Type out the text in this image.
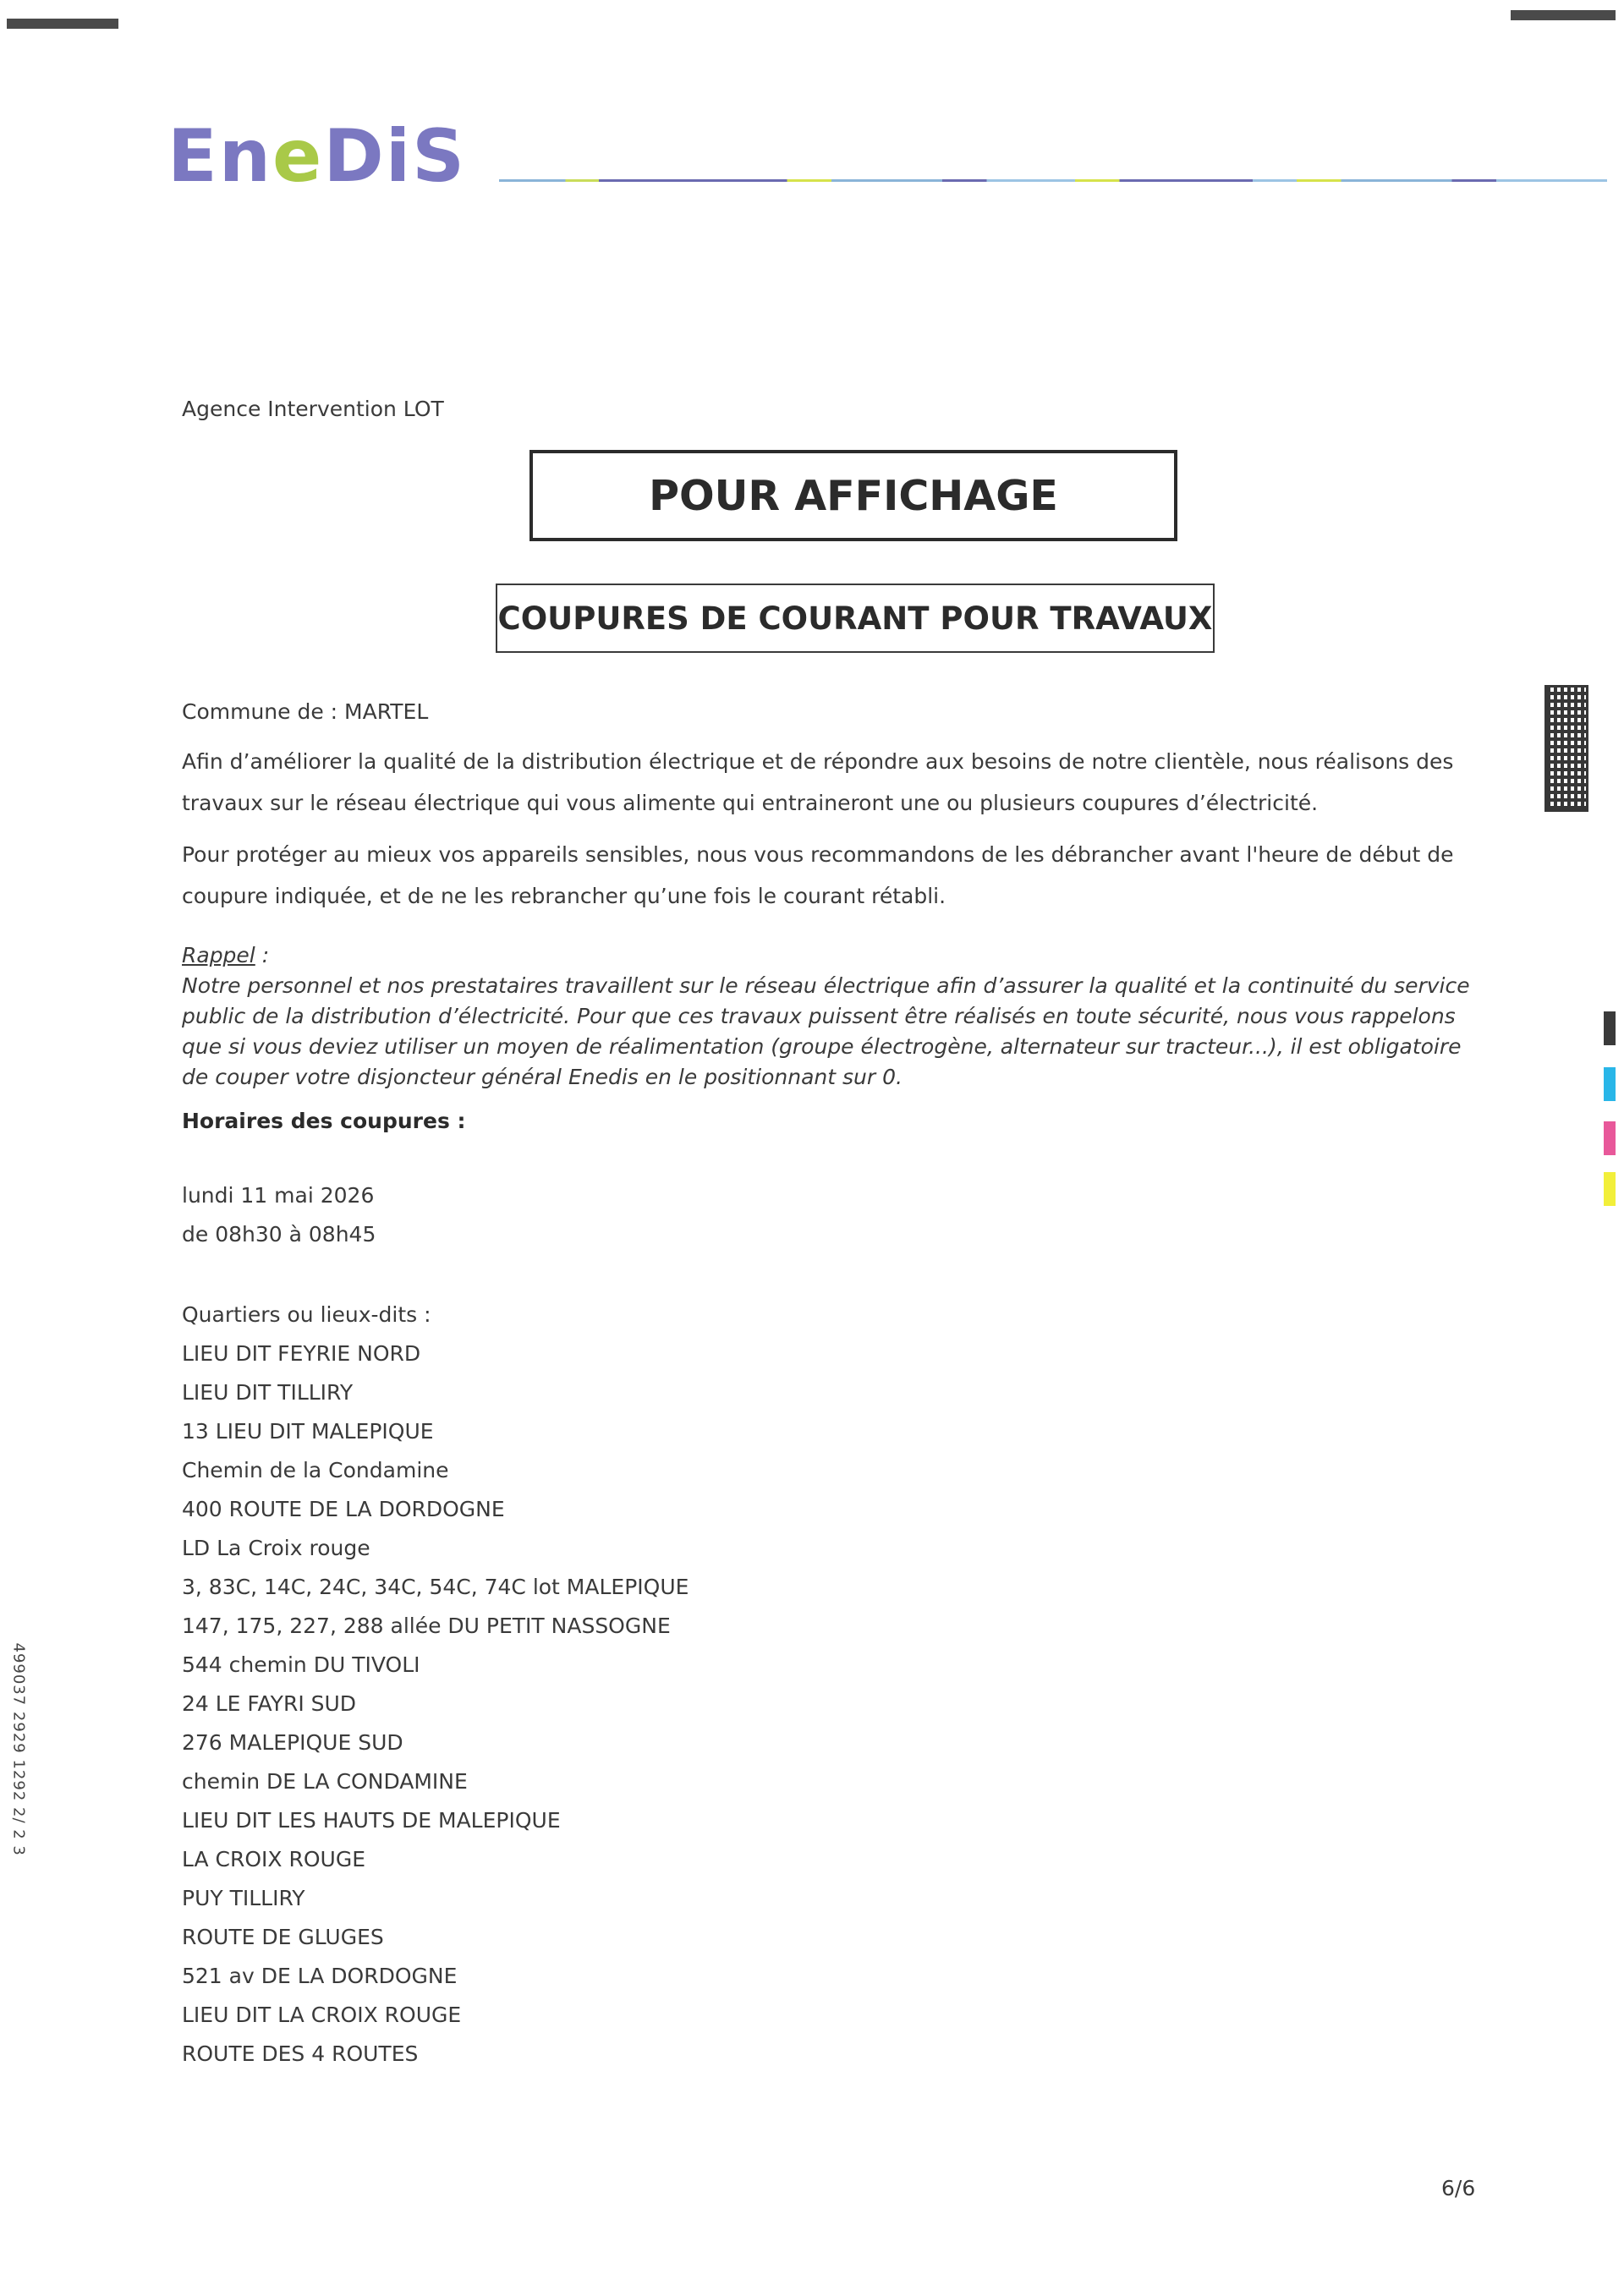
EneDiS
Agence Intervention LOT
POUR AFFICHAGE
COUPURES DE COURANT POUR TRAVAUX
Commune de : MARTEL
Afin d’améliorer la qualité de la distribution électrique et de répondre aux besoins de notre clientèle, nous réalisons des travaux sur le réseau électrique qui vous alimente qui entraineront une ou plusieurs coupures d’électricité.
Pour protéger au mieux vos appareils sensibles, nous vous recommandons de les débrancher avant l'heure de début de coupure indiquée, et de ne les rebrancher qu’une fois le courant rétabli.
Rappel :
Notre personnel et nos prestataires travaillent sur le réseau électrique afin d’assurer la qualité et la continuité du service public de la distribution d’électricité. Pour que ces travaux puissent être réalisés en toute sécurité, nous vous rappelons que si vous deviez utiliser un moyen de réalimentation (groupe électrogène, alternateur sur tracteur...), il est obligatoire de couper votre disjoncteur général Enedis en le positionnant sur 0.
Horaires des coupures :
lundi 11 mai 2026
de 08h30 à 08h45
Quartiers ou lieux-dits :
LIEU DIT FEYRIE NORD
LIEU DIT TILLIRY
13 LIEU DIT MALEPIQUE
Chemin de la Condamine
400 ROUTE DE LA DORDOGNE
LD La Croix rouge
3, 83C, 14C, 24C, 34C, 54C, 74C lot MALEPIQUE
147, 175, 227, 288 allée DU PETIT NASSOGNE
544 chemin DU TIVOLI
24 LE FAYRI SUD
276 MALEPIQUE SUD
chemin DE LA CONDAMINE
LIEU DIT LES HAUTS DE MALEPIQUE
LA CROIX ROUGE
PUY TILLIRY
ROUTE DE GLUGES
521 av DE LA DORDOGNE
LIEU DIT LA CROIX ROUGE
ROUTE DES 4 ROUTES
499037 2929 1292 2/ 2 3
6/6
